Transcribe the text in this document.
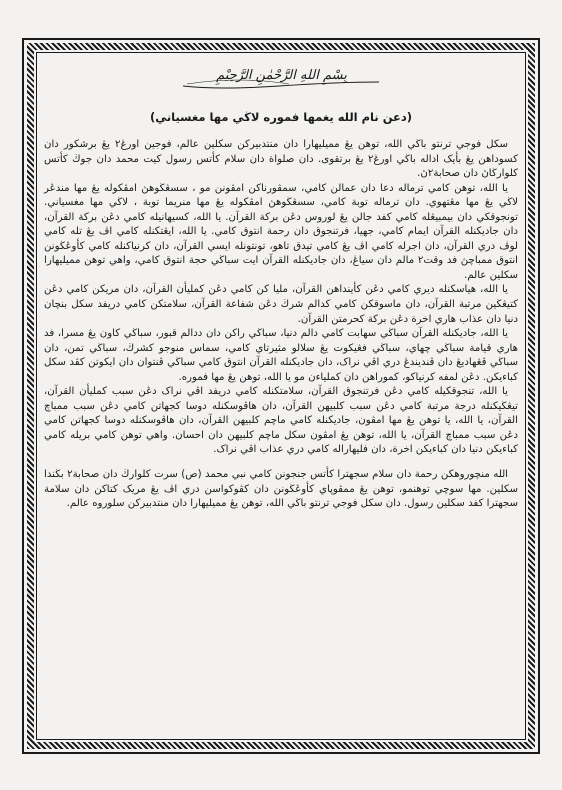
بِسْمِ اللهِ الرَّحْمٰنِ الرَّحِيْمِ
(دعن نام الله يغمها فموره لاڬي مها مغسياني)

سکل فوجي ترنتو باڬي الله، توهن يڠ مميليهارا دان منتدبيرکن سکلين عالم، فوجين اورڠ٢ يڠ برشکور دان کسوداهن يڠ بأيک اداله باڬي اورڠ٢ يڠ برتقوى. دان صلواة دان سلام کأتس رسول کيت محمد دان جوڬ کأتس کلوارڬاڽ دان صحابة٢ڽ.

يا الله، توهن کامي ترماله دعا دان عمالن کامي، سمڤورناکن امڤونن مو ، سسڠڬوهڽ امڤکوله يڠ مها مندڠر لاڬي يڠ مها مڠتهوي. دان ترماله توبة کامي، سسڠڬوهڽ امڤکوله يڠ مها منريما توبة ، لاڬي مها مغسياني. تونجوقکي دان بيمبيڠله کامي کفد جالن يڠ لوروس دڠن برکة القرآن. يا الله، کسيهانيله کامي دڠن برکة القرآن، دان جاديکنله القرآن ايمام کامي، جهيا، فرتنجوق دان رحمة انتوق کامي. يا الله، ايڠتکنله کامي اڤ يڠ تله کامي لوڤ دري القرآن، دان اجرله کامي اڤ يڠ کامي تيدق تاهو، تونتونله ايسي القرآن، دان کرنياکنله کامي کأوڠڬونن انتوق ممباچڽ فد وقت٢ مالم دان سياڠ، دان جاديکنله القرآن ايت سباڬي حجة انتوق کامي، واهي توهن مميليهارا سکلين عالم.

يا الله، هياسکنله ديري کامي دڠن کأينداهن القرآن، مليا کن کامي دڠن کمليأن القرآن، دان مريکن کامي دڠن کتيڠڬين مرتبة القرآن، دان ماسوقکن کامي کدالم شرڬ دڠن شفاعة القرآن، سلامتکن کامي دريفد سکل بنچان دنيا دان عذاب هاري اخرة دڠن برکة کحرمتن القرآن.

يا الله، جاديکنله القرآن سباڬي سهابت کامي دالم دنيا، سباڬي راکن دان ددالم قبور، سباڬي کاون يڠ مسرا، فد هاري قيامة سباڬي چهاي، سباڬي فڠيکوت يڠ سلالو مثيرتاي کامي، سماس منوجو کشرڬ، سباڬي تمن، دان سباڬي ڤڠهاديڠ دان ڤنديندڠ دري اڤي نراک، دان جاديکنله القرآن انتوق کامي سباڬي ڤنتوان دان ايکوتن کڤد سکل کباءيکن. دڠن لمفه کرنياکو، کموراهن دان کملياءن مو يا الله، توهن يڠ مها فموره.

يا الله، تنجوقکيله کامي دڠن فرتنجوق القرآن، سلامتکنله کامي دريفد اڤي نراک دڠن سبب کمليأن القرآن، تيڠڬيکنله درجة مرتبة کامي دڠن سبب کلبيهن القرآن، دان هاڤوسکنله دوسا کجهاتن کامي دڠن سبب ممباچ القرآن، يا الله، يا توهن يڠ مها امڤون، جاديکنله کامي ماچم کلبيهن القرآن، دان هاڤوسکنله دوسا کجهاتن کامي دڠن سبب ممباچ القرآن، يا الله، توهن يڠ امڤون سکل ماچم کلبيهن دان احسان. واهي توهن کامي بريله کامي کباءيکن دنيا دان کباءيکن اخرة، دان فليهاراله کامي دري عذاب اڤي نراک.

الله منچوروهکن رحمة دان سلام سجهترا کأتس جنجونن کامي نبي محمد (ص) سرت کلوارڬ دان صحابة٢ بڬندا سکلين. مها سوچي توهنمو، توهن يڠ ممڤوڽاي کأوڠڬونن دان کڤوکواسن دري اڤ يڠ مريک کتاکن دان سلامة سجهترا کفد سکلين رسول. دان سکل فوجي ترنتو باڬي الله، توهن يڠ مميليهارا دان منتدبيرکن سلوروه عالم.
